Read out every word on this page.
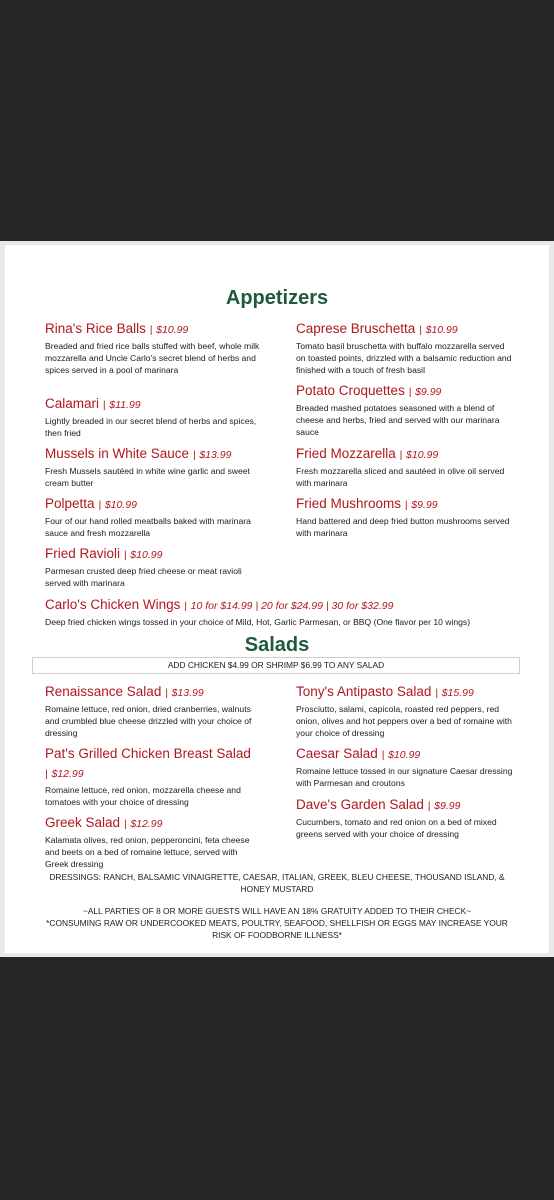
Appetizers
Rina's Rice Balls | $10.99
Breaded and fried rice balls stuffed with beef, whole milk mozzarella and Uncle Carlo's secret blend of herbs and spices served in a pool of marinara
Calamari | $11.99
Lightly breaded in our secret blend of herbs and spices, then fried
Mussels in White Sauce | $13.99
Fresh Mussels sautéed in white wine garlic and sweet cream butter
Polpetta | $10.99
Four of our hand rolled meatballs baked with marinara sauce and fresh mozzarella
Fried Ravioli | $10.99
Parmesan crusted deep fried cheese or meat ravioli served with marinara
Caprese Bruschetta | $10.99
Tomato basil bruschetta with buffalo mozzarella served on toasted points, drizzled with a balsamic reduction and finished with a touch of fresh basil
Potato Croquettes | $9.99
Breaded mashed potatoes seasoned with a blend of cheese and herbs, fried and served with our marinara sauce
Fried Mozzarella | $10.99
Fresh mozzarella sliced and sautéed in olive oil served with marinara
Fried Mushrooms | $9.99
Hand battered and deep fried button mushrooms served with marinara
Carlo's Chicken Wings | 10 for $14.99 | 20 for $24.99 | 30 for $32.99
Deep fried chicken wings tossed in your choice of Mild, Hot, Garlic Parmesan, or BBQ (One flavor per 10 wings)
Salads
ADD CHICKEN $4.99 OR SHRIMP $6.99 TO ANY SALAD
Renaissance Salad | $13.99
Romaine lettuce, red onion, dried cranberries, walnuts and crumbled blue cheese drizzled with your choice of dressing
Pat's Grilled Chicken Breast Salad
| $12.99
Romaine lettuce, red onion, mozzarella cheese and tomatoes with your choice of dressing
Greek Salad | $12.99
Kalamata olives, red onion, pepperoncini, feta cheese and beets on a bed of romaine lettuce, served with Greek dressing
Tony's Antipasto Salad | $15.99
Prosciutto, salami, capicola, roasted red peppers, red onion, olives and hot peppers over a bed of romaine with your choice of dressing
Caesar Salad | $10.99
Romaine lettuce tossed in our signature Caesar dressing with Parmesan and croutons
Dave's Garden Salad | $9.99
Cucumbers, tomato and red onion on a bed of mixed greens served with your choice of dressing
DRESSINGS: RANCH, BALSAMIC VINAIGRETTE, CAESAR, ITALIAN, GREEK, BLEU CHEESE, THOUSAND ISLAND, & HONEY MUSTARD
~ALL PARTIES OF 8 OR MORE GUESTS WILL HAVE AN 18% GRATUITY ADDED TO THEIR CHECK~
*CONSUMING RAW OR UNDERCOOKED MEATS, POULTRY, SEAFOOD, SHELLFISH OR EGGS MAY INCREASE YOUR RISK OF FOODBORNE ILLNESS*
